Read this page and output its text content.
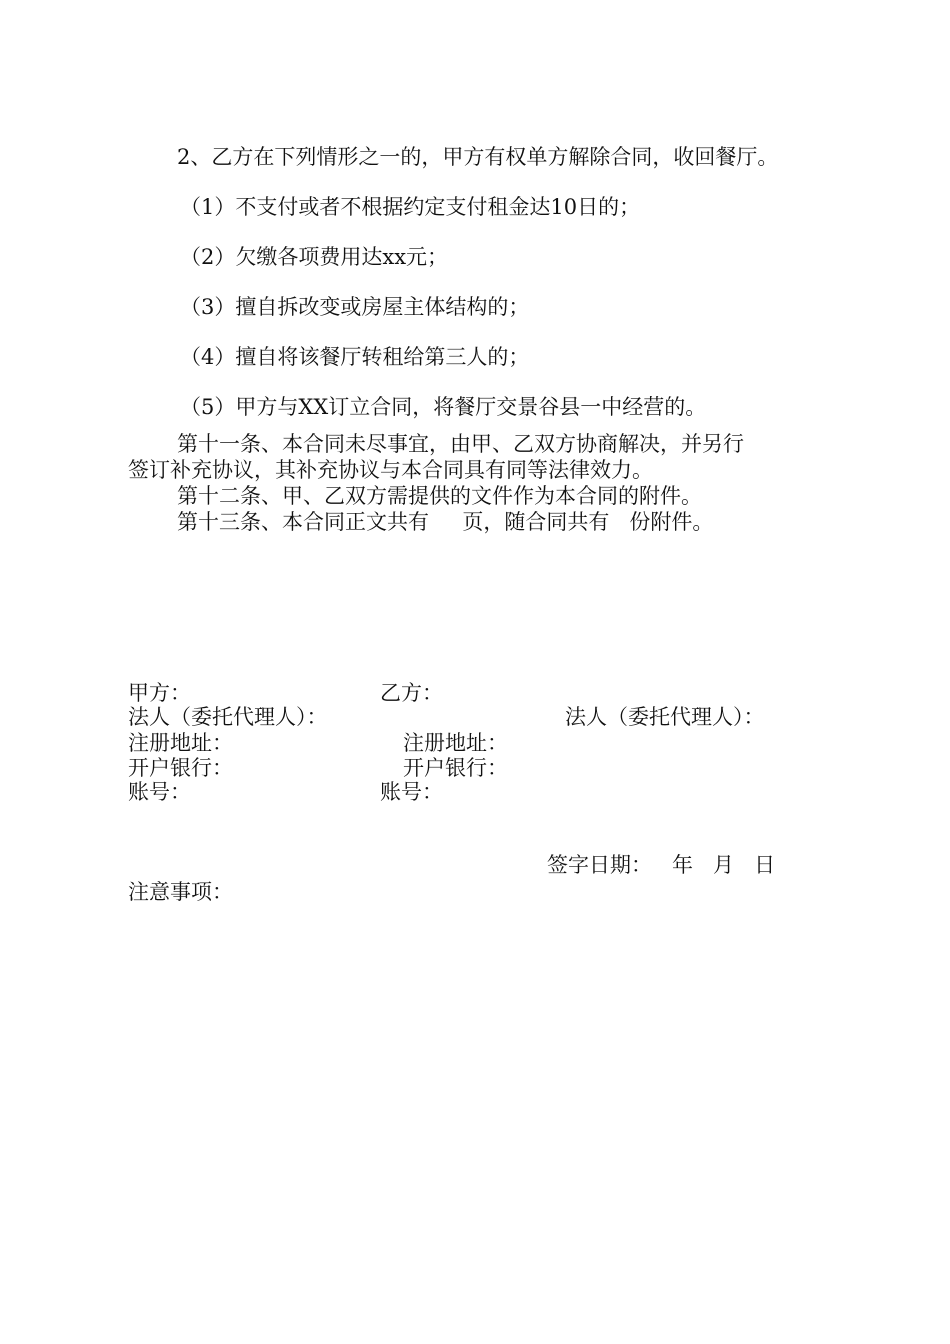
2、乙方在下列情形之一的，甲方有权单方解除合同，收回餐厅。
（1）不支付或者不根据约定支付租金达10日的；
（2）欠缴各项费用达xx元；
（3）擅自拆改变或房屋主体结构的；
（4）擅自将该餐厅转租给第三人的；
（5）甲方与XX订立合同，将餐厅交景谷县一中经营的。
第十一条、本合同未尽事宜，由甲、乙双方协商解决，并另行
签订补充协议，其补充协议与本合同具有同等法律效力。
第十二条、甲、乙双方需提供的文件作为本合同的附件。
第十三条、本合同正文共有     页，随合同共有   份附件。
甲方：
法人（委托代理人）：
注册地址：
开户银行：
账号：
乙方：
法人（委托代理人）：
注册地址：
开户银行：
账号：
签字日期：   年   月   日
注意事项：
